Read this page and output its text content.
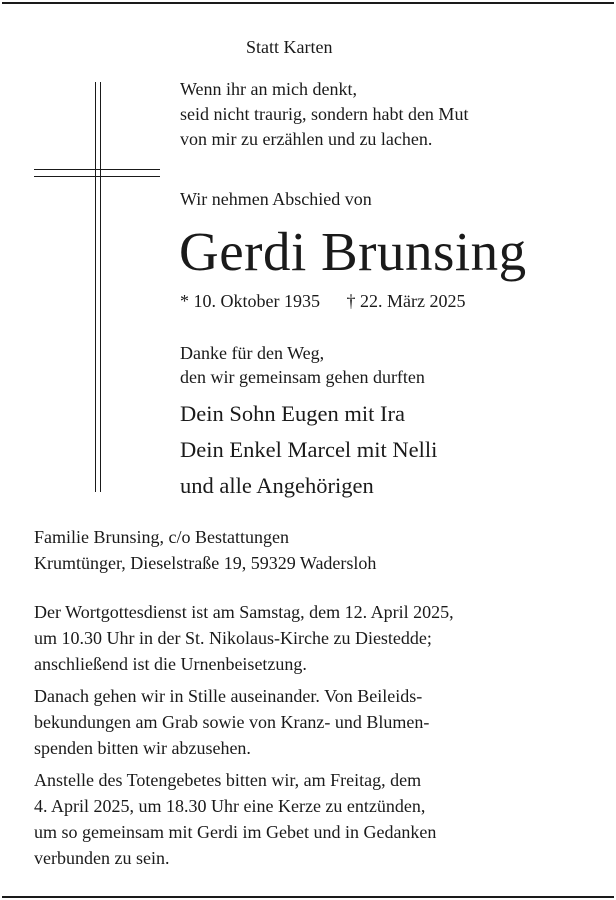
Statt Karten

Wenn ihr an mich denkt,

seid nicht traurig, sondern habt den Mut

von mir zu erzählen und zu lachen.

Wir nehmen Abschied von

Gerdi Brunsing

* 10. Oktober 1935 † 22. März 2025

Danke für den Weg,

den wir gemeinsam gehen durften

Dein Sohn Eugen mit Ira

Dein Enkel Marcel mit Nelli

und alle Angehörigen

Familie Brunsing, c/o Bestattungen

Krumtünger, Dieselstraße 19, 59329 Wadersloh

Der Wortgottesdienst ist am Samstag, dem 12. April 2025,

um 10.30 Uhr in der St. Nikolaus-Kirche zu Diestedde;

anschließend ist die Urnenbeisetzung.

Danach gehen wir in Stille auseinander. Von Beileids-

bekundungen am Grab sowie von Kranz- und Blumen-

spenden bitten wir abzusehen.

Anstelle des Totengebetes bitten wir, am Freitag, dem

4. April 2025, um 18.30 Uhr eine Kerze zu entzünden,

um so gemeinsam mit Gerdi im Gebet und in Gedanken

verbunden zu sein.
